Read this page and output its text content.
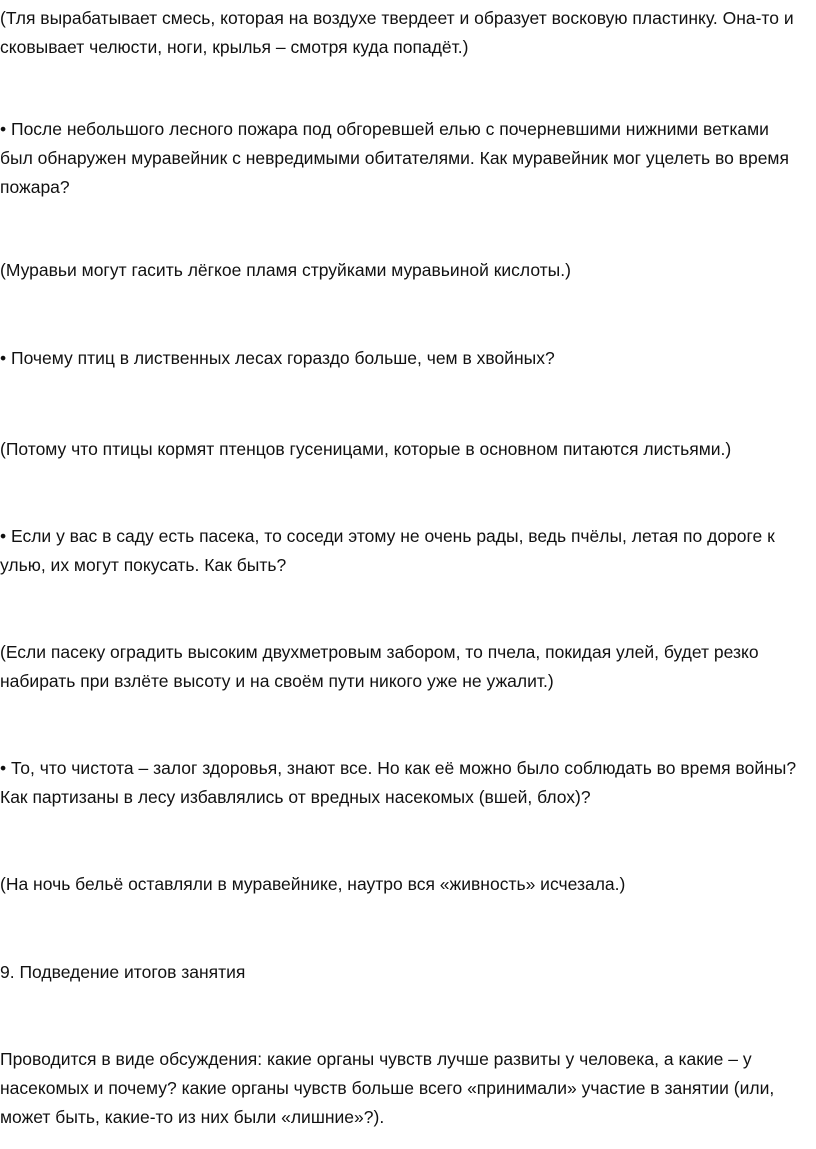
(Тля вырабатывает смесь, которая на воздухе твердеет и образует восковую пластинку. Она-то и
сковывает челюсти, ноги, крылья – смотря куда попадёт.)

• После небольшого лесного пожара под обгоревшей елью с почерневшими нижними ветками
был обнаружен муравейник с невредимыми обитателями. Как муравейник мог уцелеть во время
пожара?

(Муравьи могут гасить лёгкое пламя струйками муравьиной кислоты.)

• Почему птиц в лиственных лесах гораздо больше, чем в хвойных?

(Потому что птицы кормят птенцов гусеницами, которые в основном питаются листьями.)

• Если у вас в саду есть пасека, то соседи этому не очень рады, ведь пчёлы, летая по дороге к
улью, их могут покусать. Как быть?

(Если пасеку оградить высоким двухметровым забором, то пчела, покидая улей, будет резко
набирать при взлёте высоту и на своём пути никого уже не ужалит.)

• То, что чистота – залог здоровья, знают все. Но как её можно было соблюдать во время войны?
Как партизаны в лесу избавлялись от вредных насекомых (вшей, блох)?

(На ночь бельё оставляли в муравейнике, наутро вся «живность» исчезала.)

9. Подведение итогов занятия

Проводится в виде обсуждения: какие органы чувств лучше развиты у человека, а какие – у
насекомых и почему? какие органы чувств больше всего «принимали» участие в занятии (или,
может быть, какие-то из них были «лишние»?).
